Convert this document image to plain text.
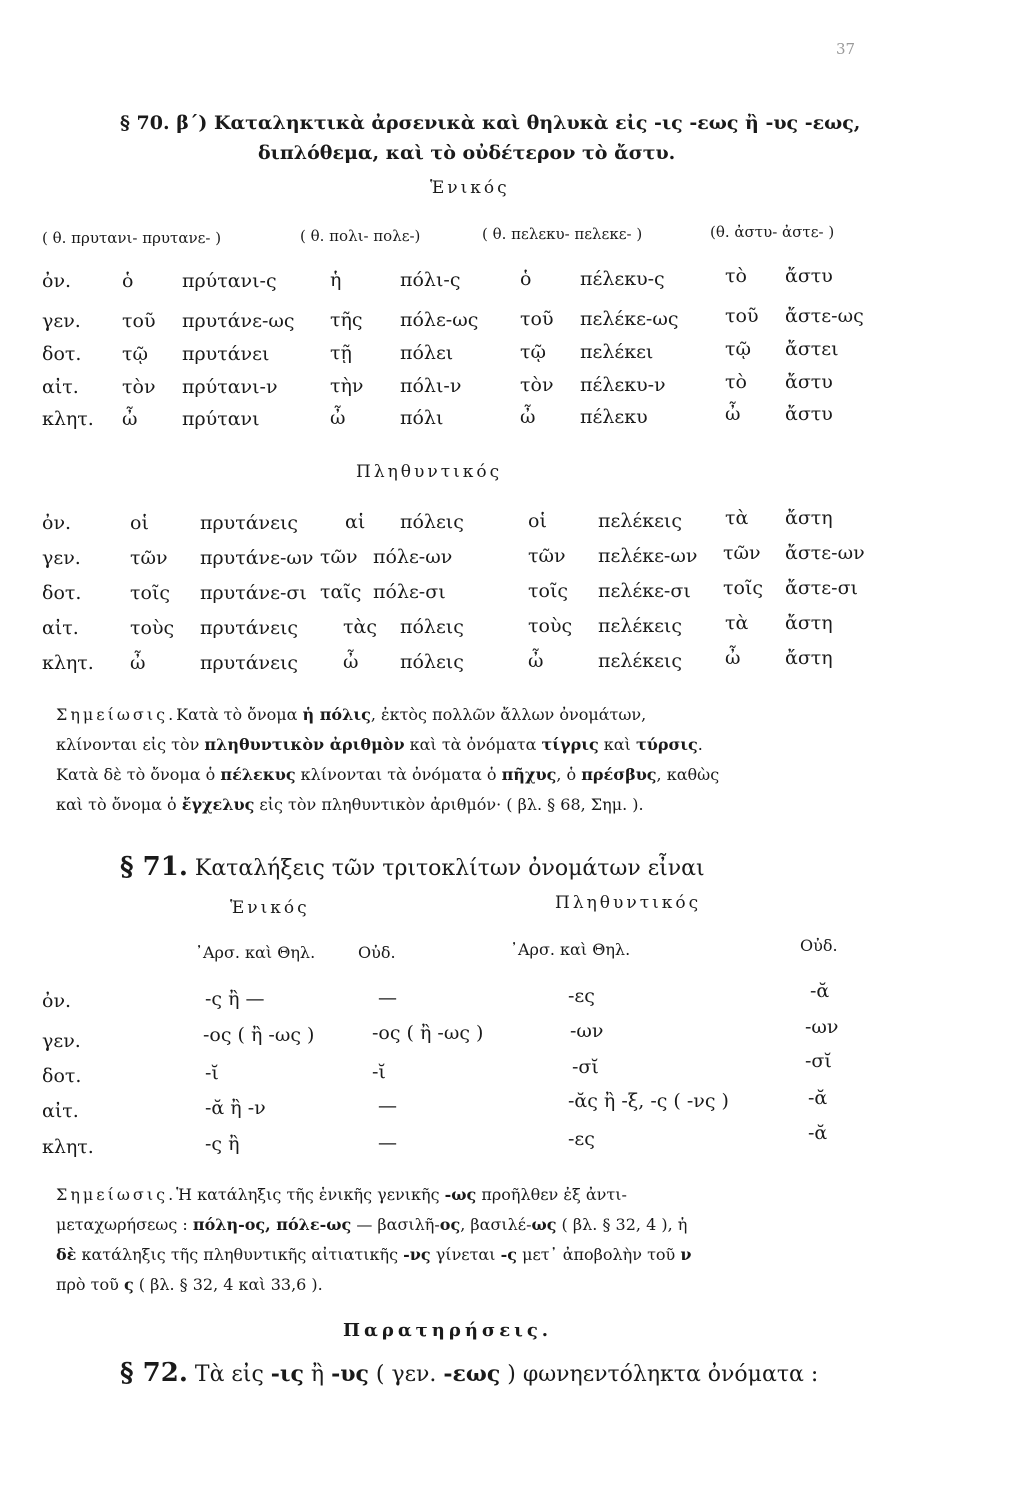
37
§ 70. β΄) Καταληκτικὰ ἀρσενικὰ καὶ θηλυκὰ εἰς -ις -εως ἢ -υς -εως,
διπλόθεμα, καὶ τὸ οὐδέτερον τὸ ἄστυ.
Ἑνικός
( θ. πρυτανι- πρυτανε- )	( θ. πολι- πολε-)	( θ. πελεκυ- πελεκε- )	(θ. ἀστυ- ἀστε- )
ὀν.	ὁ	πρύτανι-ς	ἡ	πόλι-ς	ὁ	πέλεκυ-ς	τὸ ἄστυ
γεν. τοῦ πρυτάνε-ως τῆς πόλε-ως τοῦ πελέκε-ως τοῦ ἄστε-ως
δοτ. τῷ πρυτάνει	τῇ	πόλει	τῷ πελέκει	τῷ ἄστει
αἰτ. τὸν πρύτανι-ν	τὴν πόλι-ν	τὸν πέλεκυ-ν	τὸ ἄστυ
κλητ. ὦ πρύτανι	ὦ	πόλι	ὦ πέλεκυ	ὦ ἄστυ
Πληθυντικός
ὀν.	οἱ	πρυτάνεις αἱ πόλεις	οἱ	πελέκεις τὰ ἄστη
γεν.	τῶν πρυτάνε-ων τῶν πόλε-ων	τῶν πελέκε-ων τῶν ἄστε-ων
δοτ.	τοῖς πρυτάνε-σι ταῖς πόλε-σι	τοῖς πελέκε-σι τοῖς ἄστε-σι
αἰτ.	τοὺς πρυτάνεις τὰς πόλεις	τοὺς πελέκεις τὰ ἄστη
κλητ. ὦ	πρυτάνεις ὦ πόλεις	ὦ	πελέκεις ὦ ἄστη
Σημείωσις.Κατὰ τὸ ὄνομα ἡ πόλις, ἐκτὸς πολλῶν ἄλλων ὀνομάτων,
κλίνονται εἰς τὸν πληθυντικὸν ἀριθμὸν καὶ τὰ ὀνόματα τίγρις καὶ τύρσις.
Κατὰ δὲ τὸ ὄνομα ὁ πέλεκυς κλίνονται τὰ ὀνόματα ὁ πῆχυς, ὁ πρέσβυς, καθὼς
καὶ τὸ ὄνομα ὁ ἔγχελυς εἰς τὸν πληθυντικὸν ἀριθμόν· ( βλ. § 68, Σημ. ).
§ 71. Καταλήξεις τῶν τριτοκλίτων ὀνομάτων εἶναι
Ἑνικός	Πληθυντικός
᾿Αρσ. καὶ Θηλ.	Οὐδ.	᾿Αρσ. καὶ Θηλ.	Οὐδ.
ὀν.	-ς ἢ —	—	-ες	-ᾰ
γεν.	-ος ( ἢ -ως )	-ος ( ἢ -ως )	-ων	-ων
δοτ.	-ῐ	-ῐ	-σῐ	-σῐ
αἰτ.	-ᾰ ἢ -ν	—	-ᾰς ἢ -ξ, -ς ( -νς )	-ᾰ
κλητ.	-ς ἢ	—	-ες	-ᾰ
Σημείωσις.Ἡ κατάληξις τῆς ἑνικῆς γενικῆς -ως προῆλθεν ἐξ ἀντι-
μεταχωρήσεως : πόλη-ος, πόλε-ως — βασιλῆ-ος, βασιλέ-ως ( βλ. § 32, 4 ), ἡ
δὲ κατάληξις τῆς πληθυντικῆς αἰτιατικῆς -νς γίνεται -ς μετ᾽ ἀποβολὴν τοῦ ν
πρὸ τοῦ ς ( βλ. § 32, 4 καὶ 33,6 ).
Παρατηρήσεις.
§ 72. Τὰ εἰς -ις ἢ -υς ( γεν. -εως ) φωνηεντόληκτα ὀνόματα :
